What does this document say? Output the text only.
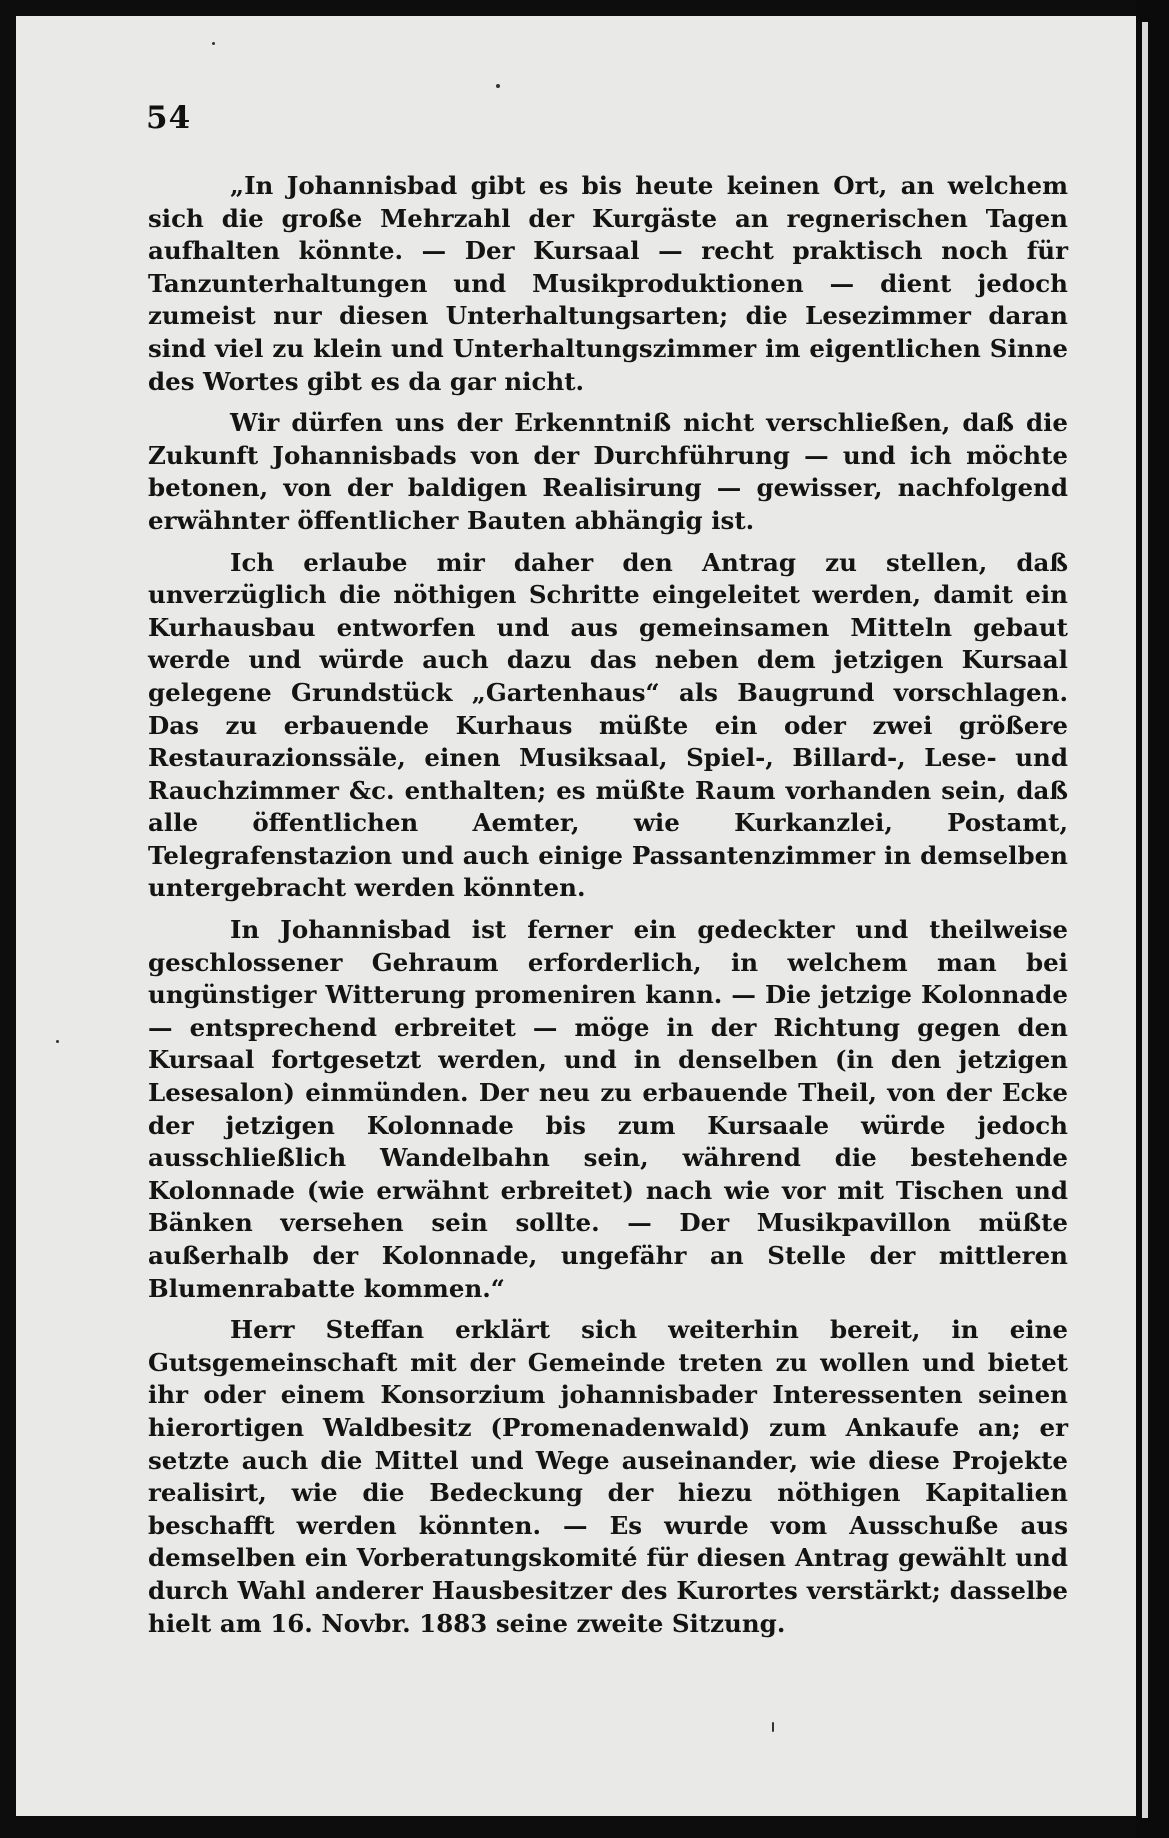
54

„In Johannisbad gibt es bis heute keinen Ort, an welchem sich die große Mehrzahl der Kurgäste an regnerischen Tagen aufhalten könnte. — Der Kursaal — recht praktisch noch für Tanzunterhaltungen und Musikproduktionen — dient jedoch zumeist nur diesen Unterhaltungsarten; die Lesezimmer daran sind viel zu klein und Unterhaltungszimmer im eigentlichen Sinne des Wortes gibt es da gar nicht.

Wir dürfen uns der Erkenntniß nicht verschließen, daß die Zukunft Johannisbads von der Durchführung — und ich möchte betonen, von der baldigen Realisirung — gewisser, nachfolgend erwähnter öffentlicher Bauten abhängig ist.

Ich erlaube mir daher den Antrag zu stellen, daß unverzüglich die nöthigen Schritte eingeleitet werden, damit ein Kurhausbau entworfen und aus gemeinsamen Mitteln gebaut werde und würde auch dazu das neben dem jetzigen Kursaal gelegene Grundstück „Gartenhaus“ als Baugrund vorschlagen. Das zu erbauende Kurhaus müßte ein oder zwei größere Restaurazionssäle, einen Musiksaal, Spiel-, Billard-, Lese- und Rauchzimmer &c. enthalten; es müßte Raum vorhanden sein, daß alle öffentlichen Aemter, wie Kurkanzlei, Postamt, Telegrafenstazion und auch einige Passantenzimmer in demselben untergebracht werden könnten.

In Johannisbad ist ferner ein gedeckter und theilweise geschlossener Gehraum erforderlich, in welchem man bei ungünstiger Witterung promeniren kann. — Die jetzige Kolonnade — entsprechend erbreitet — möge in der Richtung gegen den Kursaal fortgesetzt werden, und in denselben (in den jetzigen Lesesalon) einmünden. Der neu zu erbauende Theil, von der Ecke der jetzigen Kolonnade bis zum Kursaale würde jedoch ausschließlich Wandelbahn sein, während die bestehende Kolonnade (wie erwähnt erbreitet) nach wie vor mit Tischen und Bänken versehen sein sollte. — Der Musikpavillon müßte außerhalb der Kolonnade, ungefähr an Stelle der mittleren Blumenrabatte kommen.“

Herr Steffan erklärt sich weiterhin bereit, in eine Gutsgemeinschaft mit der Gemeinde treten zu wollen und bietet ihr oder einem Konsorzium johannisbader Interessenten seinen hierortigen Waldbesitz (Promenadenwald) zum Ankaufe an; er setzte auch die Mittel und Wege auseinander, wie diese Projekte realisirt, wie die Bedeckung der hiezu nöthigen Kapitalien beschafft werden könnten. — Es wurde vom Ausschuße aus demselben ein Vorberatungskomité für diesen Antrag gewählt und durch Wahl anderer Hausbesitzer des Kurortes verstärkt; dasselbe hielt am 16. Novbr. 1883 seine zweite Sitzung.
